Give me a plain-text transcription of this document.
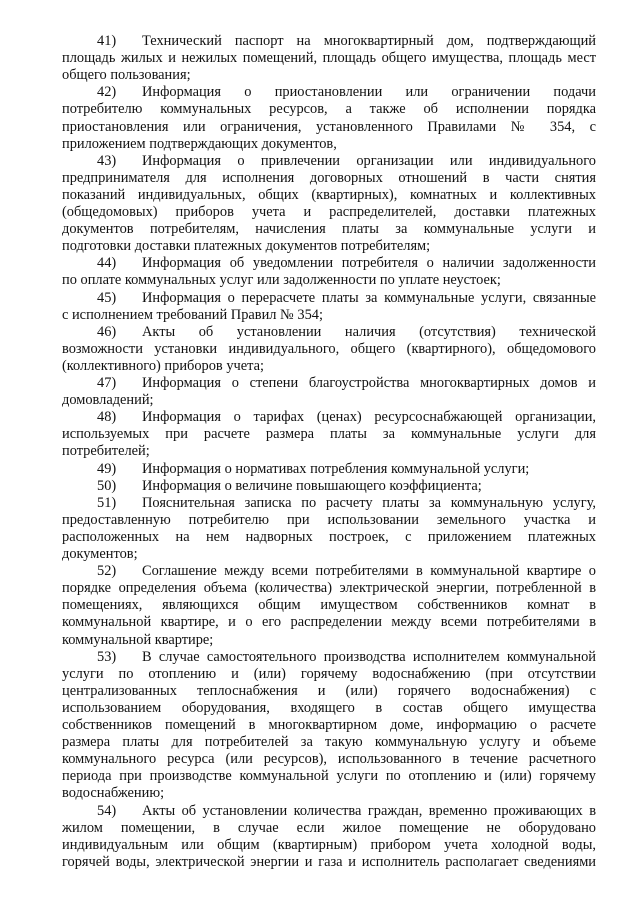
41)	Технический паспорт на многоквартирный дом, подтверждающий
площадь жилых и нежилых помещений, площадь общего имущества, площадь мест
общего пользования;
42)	Информация о приостановлении или ограничении подачи
потребителю коммунальных ресурсов, а также об исполнении порядка
приостановления или ограничения, установленного Правилами № 354, с
приложением подтверждающих документов,
43)	Информация о привлечении организации или индивидуального
предпринимателя для исполнения договорных отношений в части снятия
показаний индивидуальных, общих (квартирных), комнатных и коллективных
(общедомовых) приборов учета и распределителей, доставки платежных
документов потребителям, начисления платы за коммунальные услуги и
подготовки доставки платежных документов потребителям;
44)	Информация об уведомлении потребителя о наличии задолженности
по оплате коммунальных услуг или задолженности по уплате неустоек;
45)	Информация о перерасчете платы за коммунальные услуги, связанные
с исполнением требований Правил № 354;
46)	Акты об установлении наличия (отсутствия) технической
возможности установки индивидуального, общего (квартирного), общедомового
(коллективного) приборов учета;
47)	Информация о степени благоустройства многоквартирных домов и
домовладений;
48)	Информация о тарифах (ценах) ресурсоснабжающей организации,
используемых при расчете размера платы за коммунальные услуги для
потребителей;
49)	Информация о нормативах потребления коммунальной услуги;
50)	Информация о величине повышающего коэффициента;
51)	Пояснительная записка по расчету платы за коммунальную услугу,
предоставленную потребителю при использовании земельного участка и
расположенных на нем надворных построек, с приложением платежных
документов;
52)	Соглашение между всеми потребителями в коммунальной квартире о
порядке определения объема (количества) электрической энергии, потребленной в
помещениях, являющихся общим имуществом собственников комнат в
коммунальной квартире, и о его распределении между всеми потребителями в
коммунальной квартире;
53)	В случае самостоятельного производства исполнителем коммунальной
услуги по отоплению и (или) горячему водоснабжению (при отсутствии
централизованных теплоснабжения и (или) горячего водоснабжения) с
использованием оборудования, входящего в состав общего имущества
собственников помещений в многоквартирном доме, информацию о расчете
размера платы для потребителей за такую коммунальную услугу и объеме
коммунального ресурса (или ресурсов), использованного в течение расчетного
периода при производстве коммунальной услуги по отоплению и (или) горячему
водоснабжению;
54)	Акты об установлении количества граждан, временно проживающих в
жилом помещении, в случае если жилое помещение не оборудовано
индивидуальным или общим (квартирным) прибором учета холодной воды,
горячей воды, электрической энергии и газа и исполнитель располагает сведениями
